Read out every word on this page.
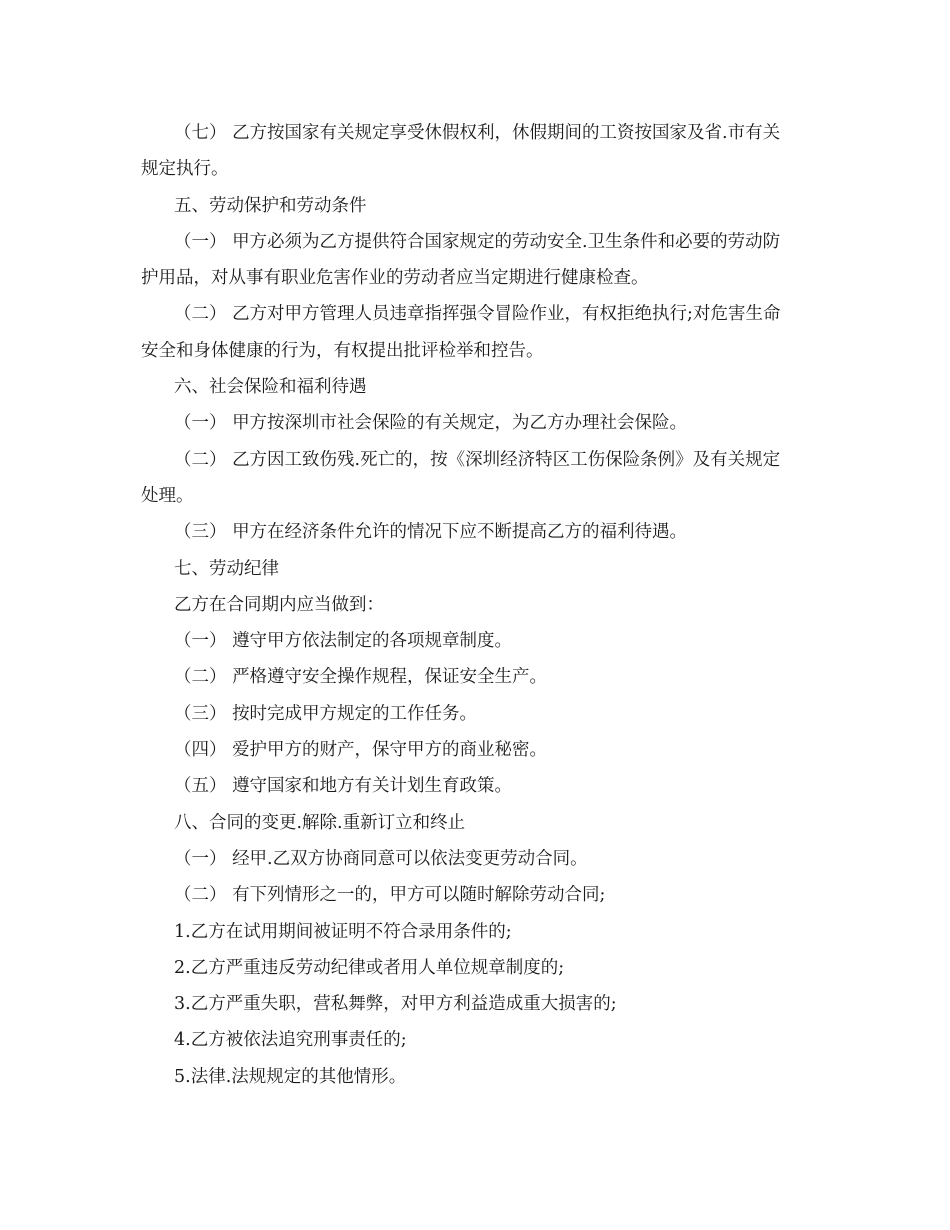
（七） 乙方按国家有关规定享受休假权利，休假期间的工资按国家及省.市有关
规定执行。

五、劳动保护和劳动条件

（一） 甲方必须为乙方提供符合国家规定的劳动安全.卫生条件和必要的劳动防
护用品，对从事有职业危害作业的劳动者应当定期进行健康检查。

（二） 乙方对甲方管理人员违章指挥强令冒险作业，有权拒绝执行;对危害生命
安全和身体健康的行为，有权提出批评检举和控告。

六、社会保险和福利待遇

（一） 甲方按深圳市社会保险的有关规定，为乙方办理社会保险。

（二） 乙方因工致伤残.死亡的，按《深圳经济特区工伤保险条例》及有关规定
处理。

（三） 甲方在经济条件允许的情况下应不断提高乙方的福利待遇。

七、劳动纪律

乙方在合同期内应当做到：

（一） 遵守甲方依法制定的各项规章制度。

（二） 严格遵守安全操作规程，保证安全生产。

（三） 按时完成甲方规定的工作任务。

（四） 爱护甲方的财产，保守甲方的商业秘密。

（五） 遵守国家和地方有关计划生育政策。

八、合同的变更.解除.重新订立和终止

（一） 经甲.乙双方协商同意可以依法变更劳动合同。

（二） 有下列情形之一的，甲方可以随时解除劳动合同;

1.乙方在试用期间被证明不符合录用条件的;

2.乙方严重违反劳动纪律或者用人单位规章制度的;

3.乙方严重失职，营私舞弊，对甲方利益造成重大损害的;

4.乙方被依法追究刑事责任的;

5.法律.法规规定的其他情形。
